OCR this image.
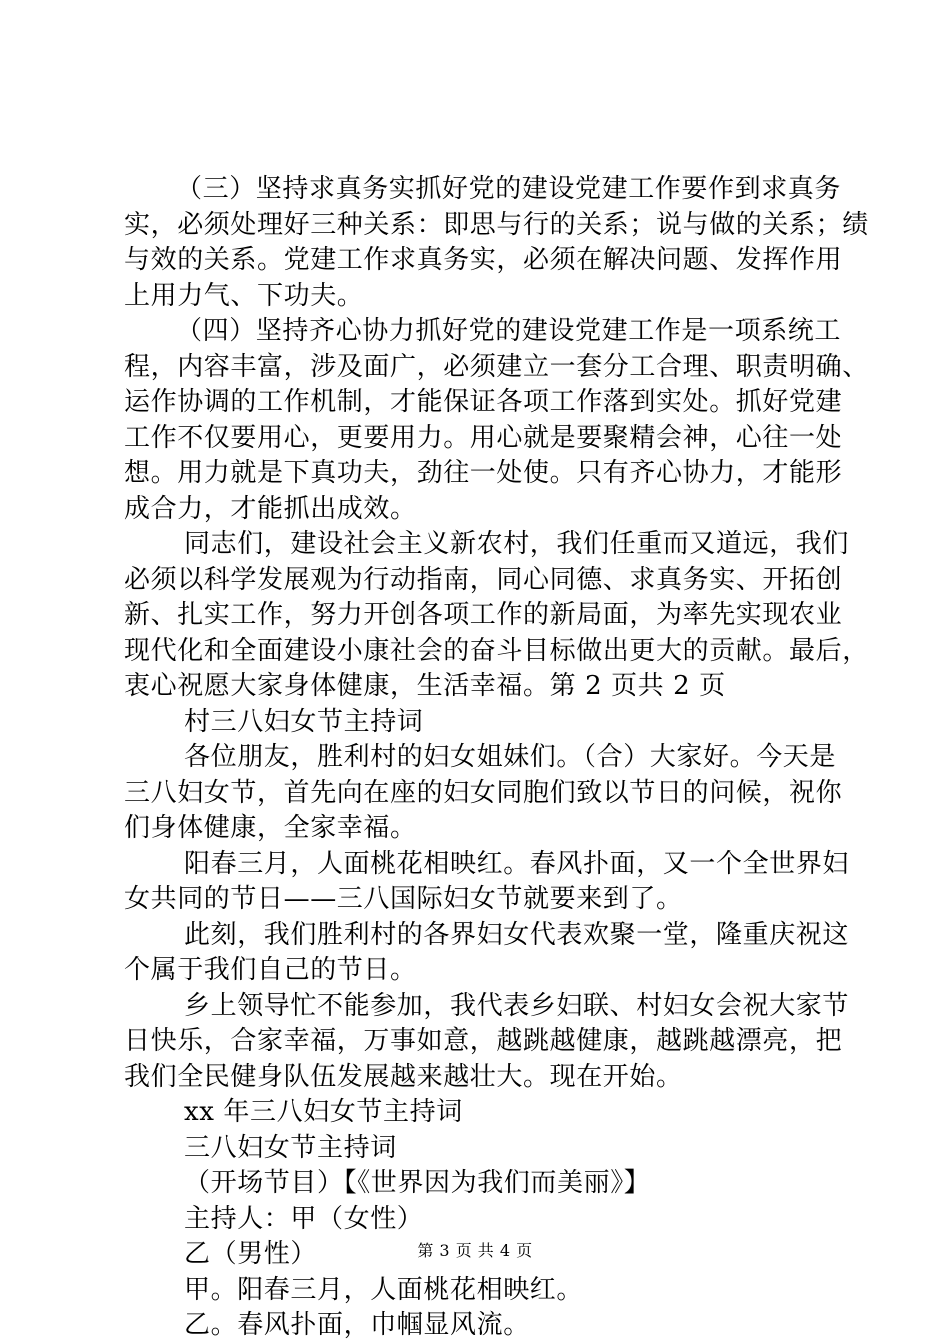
（三）坚持求真务实抓好党的建设党建工作要作到求真务
实，必须处理好三种关系：即思与行的关系；说与做的关系；绩
与效的关系。党建工作求真务实，必须在解决问题、发挥作用
上用力气、下功夫。
（四）坚持齐心协力抓好党的建设党建工作是一项系统工
程，内容丰富，涉及面广，必须建立一套分工合理、职责明确、
运作协调的工作机制，才能保证各项工作落到实处。抓好党建
工作不仅要用心，更要用力。用心就是要聚精会神，心往一处
想。用力就是下真功夫，劲往一处使。只有齐心协力，才能形
成合力，才能抓出成效。
同志们，建设社会主义新农村，我们任重而又道远，我们
必须以科学发展观为行动指南，同心同德、求真务实、开拓创
新、扎实工作，努力开创各项工作的新局面，为率先实现农业
现代化和全面建设小康社会的奋斗目标做出更大的贡献。最后，
衷心祝愿大家身体健康，生活幸福。第 2 页共 2 页
村三八妇女节主持词
各位朋友，胜利村的妇女姐妹们。（合）大家好。今天是
三八妇女节，首先向在座的妇女同胞们致以节日的问候，祝你
们身体健康，全家幸福。
阳春三月，人面桃花相映红。春风扑面，又一个全世界妇
女共同的节日——三八国际妇女节就要来到了。
此刻，我们胜利村的各界妇女代表欢聚一堂，隆重庆祝这
个属于我们自己的节日。
乡上领导忙不能参加，我代表乡妇联、村妇女会祝大家节
日快乐，合家幸福，万事如意，越跳越健康，越跳越漂亮，把
我们全民健身队伍发展越来越壮大。现在开始。
xx 年三八妇女节主持词
三八妇女节主持词
（开场节目）【《世界因为我们而美丽》】
主持人：甲（女性）
乙（男性）
甲。阳春三月，人面桃花相映红。
乙。春风扑面，巾帼显风流。
第 3 页 共 4 页
